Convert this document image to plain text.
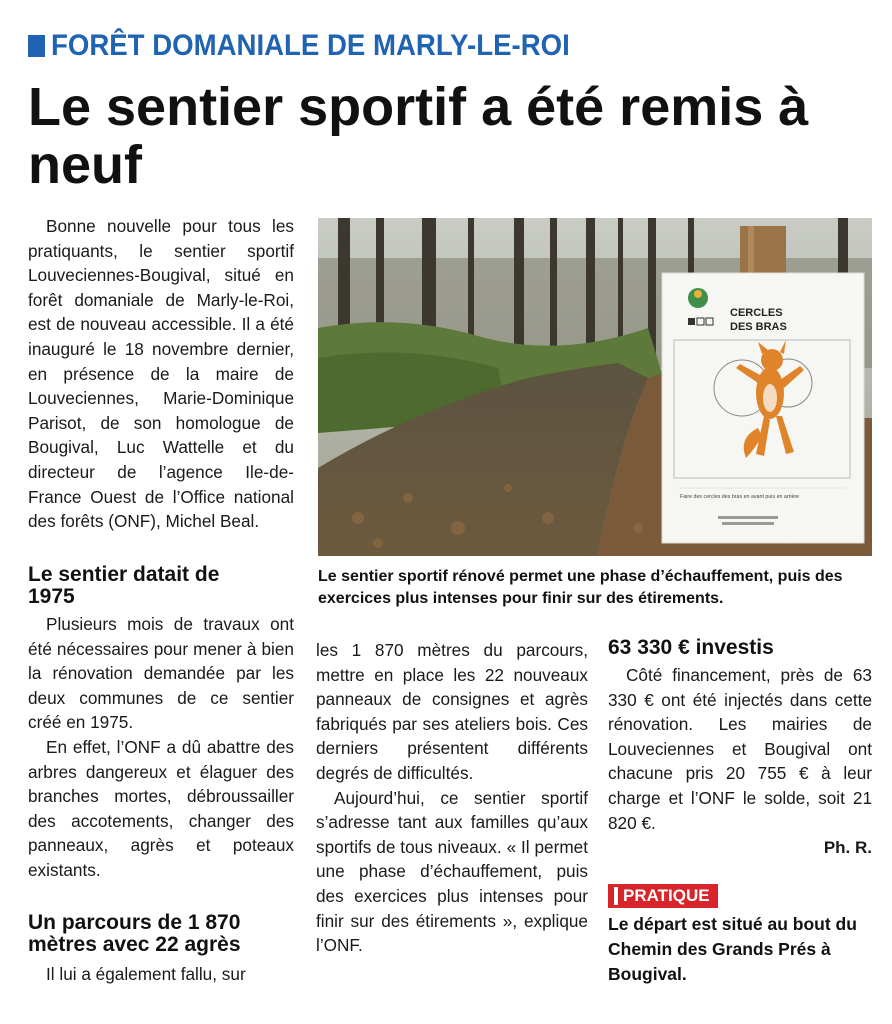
FORÊT DOMANIALE DE MARLY-LE-ROI
Le sentier sportif a été remis à neuf

Bonne nouvelle pour tous les pratiquants, le sentier sportif Louveciennes-Bougival, situé en forêt domaniale de Marly-le-Roi, est de nouveau accessible. Il a été inauguré le 18 novembre dernier, en présence de la maire de Louveciennes, Marie-Dominique Parisot, de son homologue de Bougival, Luc Wattelle et du directeur de l’agence Ile-de-France Ouest de l’Office national des forêts (ONF), Michel Beal.

Le sentier datait de 1975

Plusieurs mois de travaux ont été nécessaires pour mener à bien la rénovation demandée par les deux communes de ce sentier créé en 1975.

En effet, l’ONF a dû abattre des arbres dangereux et élaguer des branches mortes, débroussailler des accotements, changer des panneaux, agrès et poteaux existants.

Un parcours de 1 870 mètres avec 22 agrès

Il lui a également fallu, sur

CERCLES
DES BRAS
Faire des cercles des bras en avant puis en arrière
Le sentier sportif rénové permet une phase d’échauffement, puis des exercices plus intenses pour finir sur des étirements.

les 1 870 mètres du parcours, mettre en place les 22 nouveaux panneaux de consignes et agrès fabriqués par ses ateliers bois. Ces derniers présentent différents degrés de difficultés.

Aujourd’hui, ce sentier sportif s’adresse tant aux familles qu’aux sportifs de tous niveaux. « Il permet une phase d’échauffement, puis des exercices plus intenses pour finir sur des étirements », explique l’ONF.

63 330 € investis

Côté financement, près de 63 330 € ont été injectés dans cette rénovation. Les mairies de Louveciennes et Bougival ont chacune pris 20 755 € à leur charge et l’ONF le solde, soit 21 820 €.

Ph. R.
PRATIQUE
Le départ est situé au bout du Chemin des Grands Prés à Bougival.
